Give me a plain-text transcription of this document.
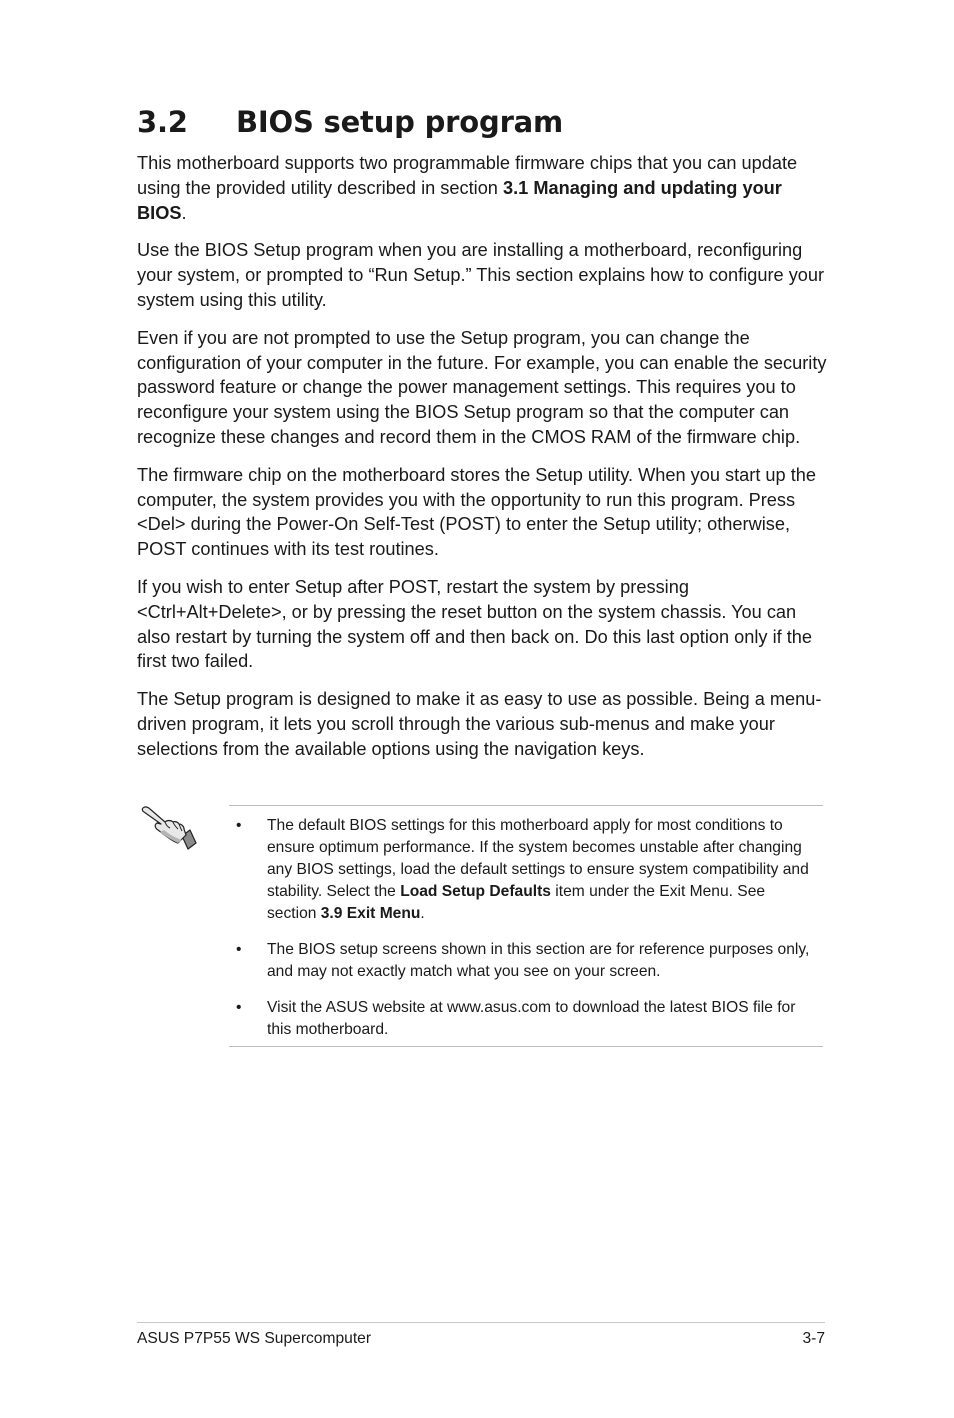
3.2 BIOS setup program

This motherboard supports two programmable firmware chips that you can update using the provided utility described in section 3.1 Managing and updating your BIOS.

Use the BIOS Setup program when you are installing a motherboard, reconfiguring your system, or prompted to “Run Setup.” This section explains how to configure your system using this utility.

Even if you are not prompted to use the Setup program, you can change the configuration of your computer in the future. For example, you can enable the security password feature or change the power management settings. This requires you to reconfigure your system using the BIOS Setup program so that the computer can recognize these changes and record them in the CMOS RAM of the firmware chip.

The firmware chip on the motherboard stores the Setup utility. When you start up the computer, the system provides you with the opportunity to run this program. Press <Del> during the Power-On Self-Test (POST) to enter the Setup utility; otherwise, POST continues with its test routines.

If you wish to enter Setup after POST, restart the system by pressing <Ctrl+Alt+Delete>, or by pressing the reset button on the system chassis. You can also restart by turning the system off and then back on. Do this last option only if the first two failed.

The Setup program is designed to make it as easy to use as possible. Being a menu-driven program, it lets you scroll through the various sub-menus and make your selections from the available options using the navigation keys.

• The default BIOS settings for this motherboard apply for most conditions to ensure optimum performance. If the system becomes unstable after changing any BIOS settings, load the default settings to ensure system compatibility and stability. Select the Load Setup Defaults item under the Exit Menu. See section 3.9 Exit Menu.
• The BIOS setup screens shown in this section are for reference purposes only, and may not exactly match what you see on your screen.
• Visit the ASUS website at www.asus.com to download the latest BIOS file for this motherboard.
ASUS P7P55 WS Supercomputer	3-7
